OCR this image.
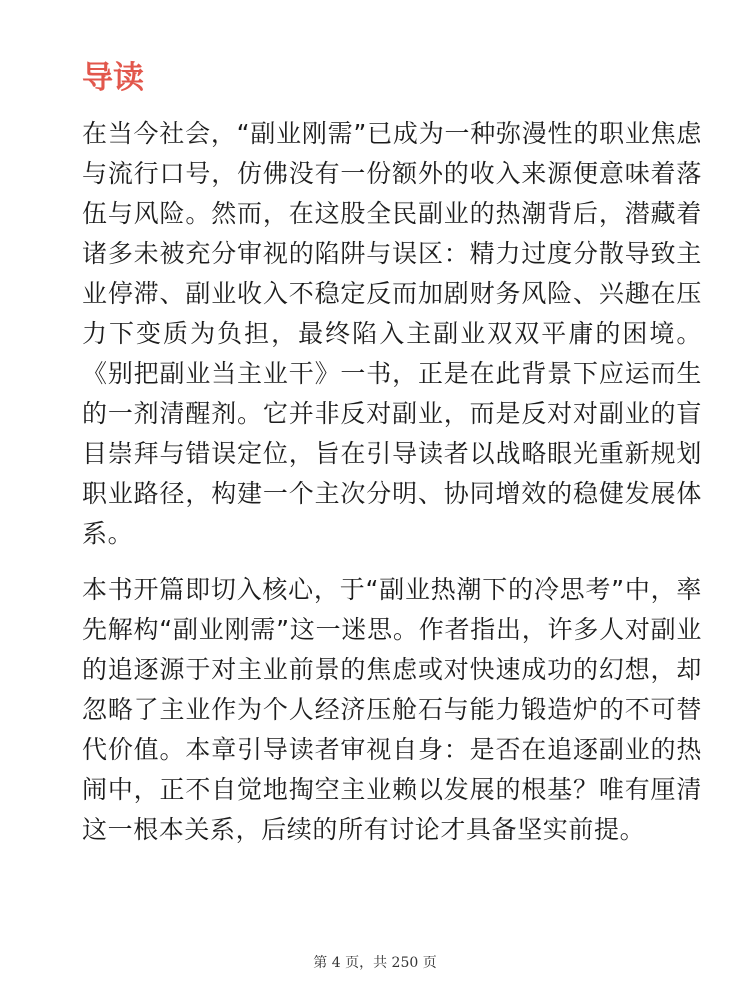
导读

在当今社会，“副业刚需”已成为一种弥漫性的职业焦虑与流行口号，仿佛没有一份额外的收入来源便意味着落伍与风险。然而，在这股全民副业的热潮背后，潜藏着诸多未被充分审视的陷阱与误区：精力过度分散导致主业停滞、副业收入不稳定反而加剧财务风险、兴趣在压力下变质为负担，最终陷入主副业双双平庸的困境。《别把副业当主业干》一书，正是在此背景下应运而生的一剂清醒剂。它并非反对副业，而是反对对副业的盲目崇拜与错误定位，旨在引导读者以战略眼光重新规划职业路径，构建一个主次分明、协同增效的稳健发展体系。

本书开篇即切入核心，于“副业热潮下的冷思考”中，率先解构“副业刚需”这一迷思。作者指出，许多人对副业的追逐源于对主业前景的焦虑或对快速成功的幻想，却忽略了主业作为个人经济压舱石与能力锻造炉的不可替代价值。本章引导读者审视自身：是否在追逐副业的热闹中，正不自觉地掏空主业赖以发展的根基？唯有厘清这一根本关系，后续的所有讨论才具备坚实前提。

第 4 页，共 250 页
